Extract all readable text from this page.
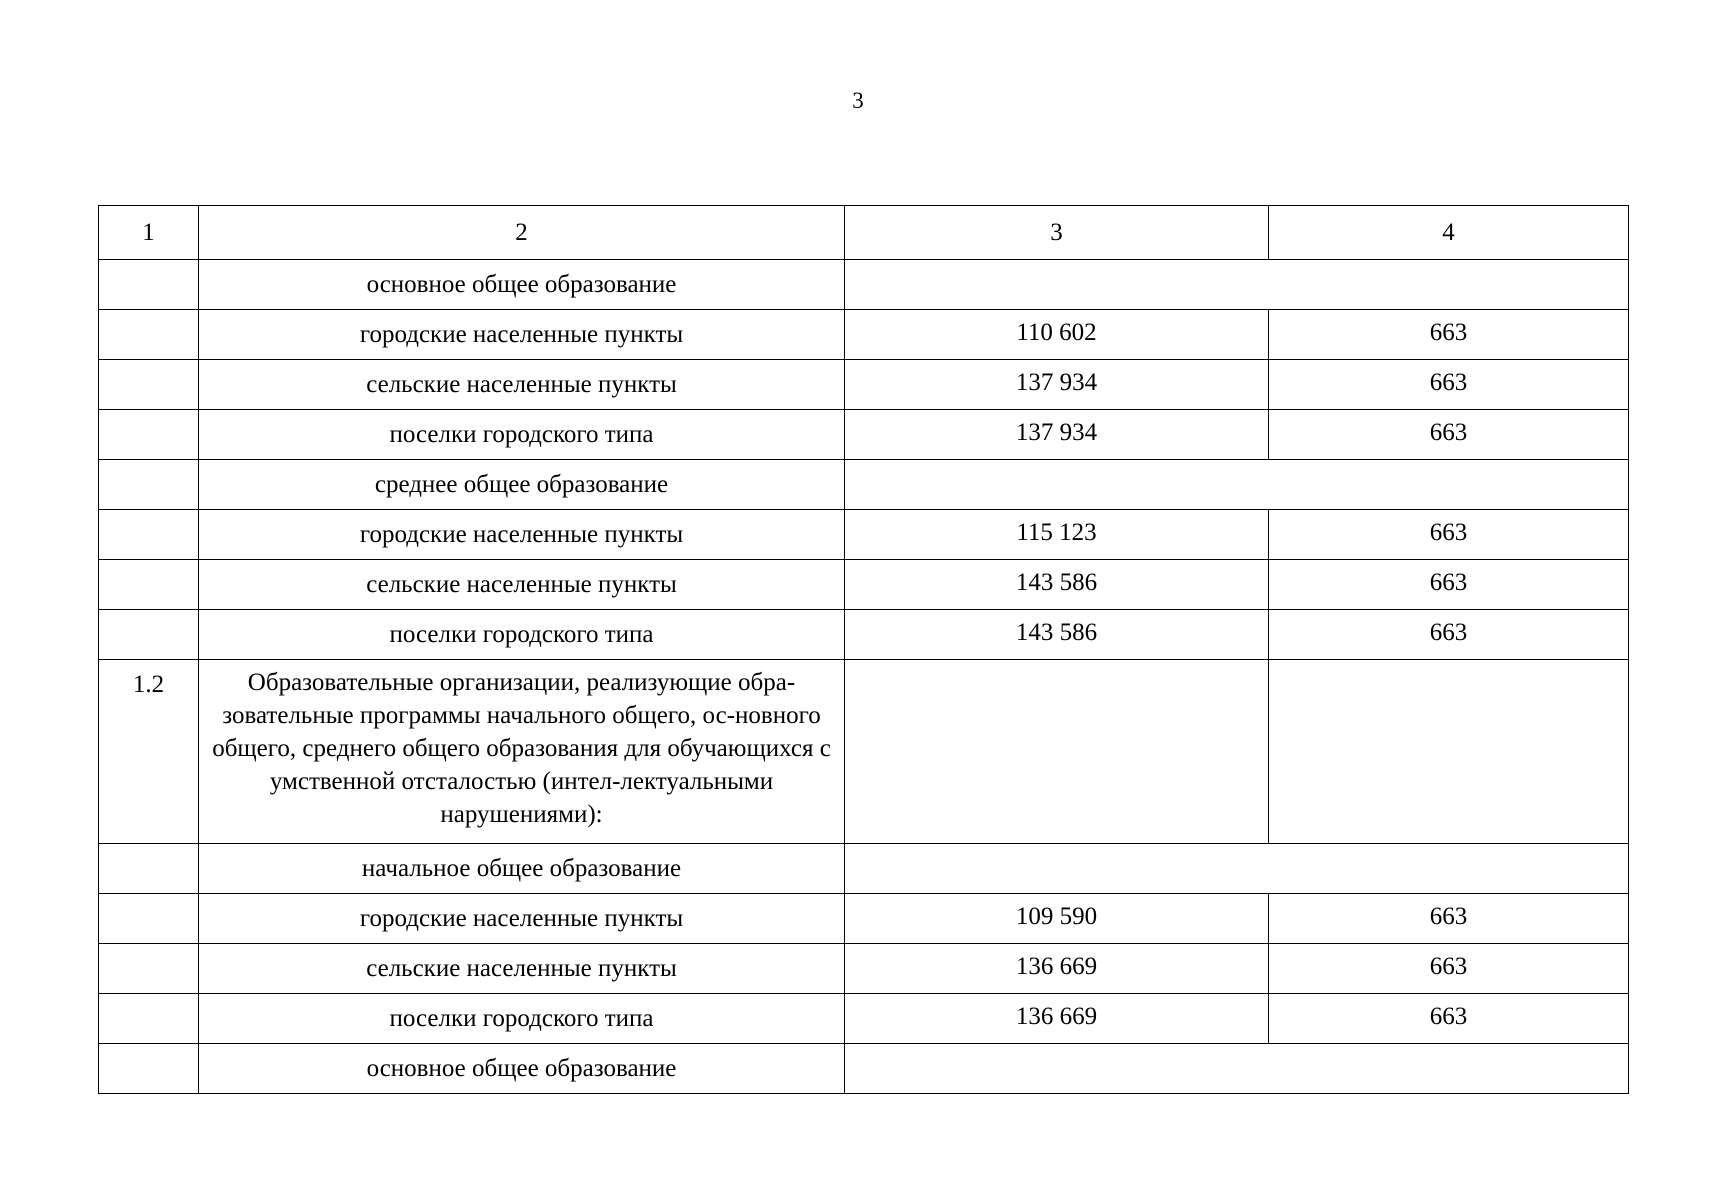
3
1	2	3	4
	основное общее образование		
	городские населенные пункты	110 602	663
	сельские населенные пункты	137 934	663
	поселки городского типа	137 934	663
	среднее общее образование		
	городские населенные пункты	115 123	663
	сельские населенные пункты	143 586	663
	поселки городского типа	143 586	663
1.2	Образовательные организации, реализующие обра-зовательные программы начального общего, ос-новного общего, среднего общего образования для обучающихся с умственной отсталостью (интел-лектуальными нарушениями):		
	начальное общее образование		
	городские населенные пункты	109 590	663
	сельские населенные пункты	136 669	663
	поселки городского типа	136 669	663
	основное общее образование		
